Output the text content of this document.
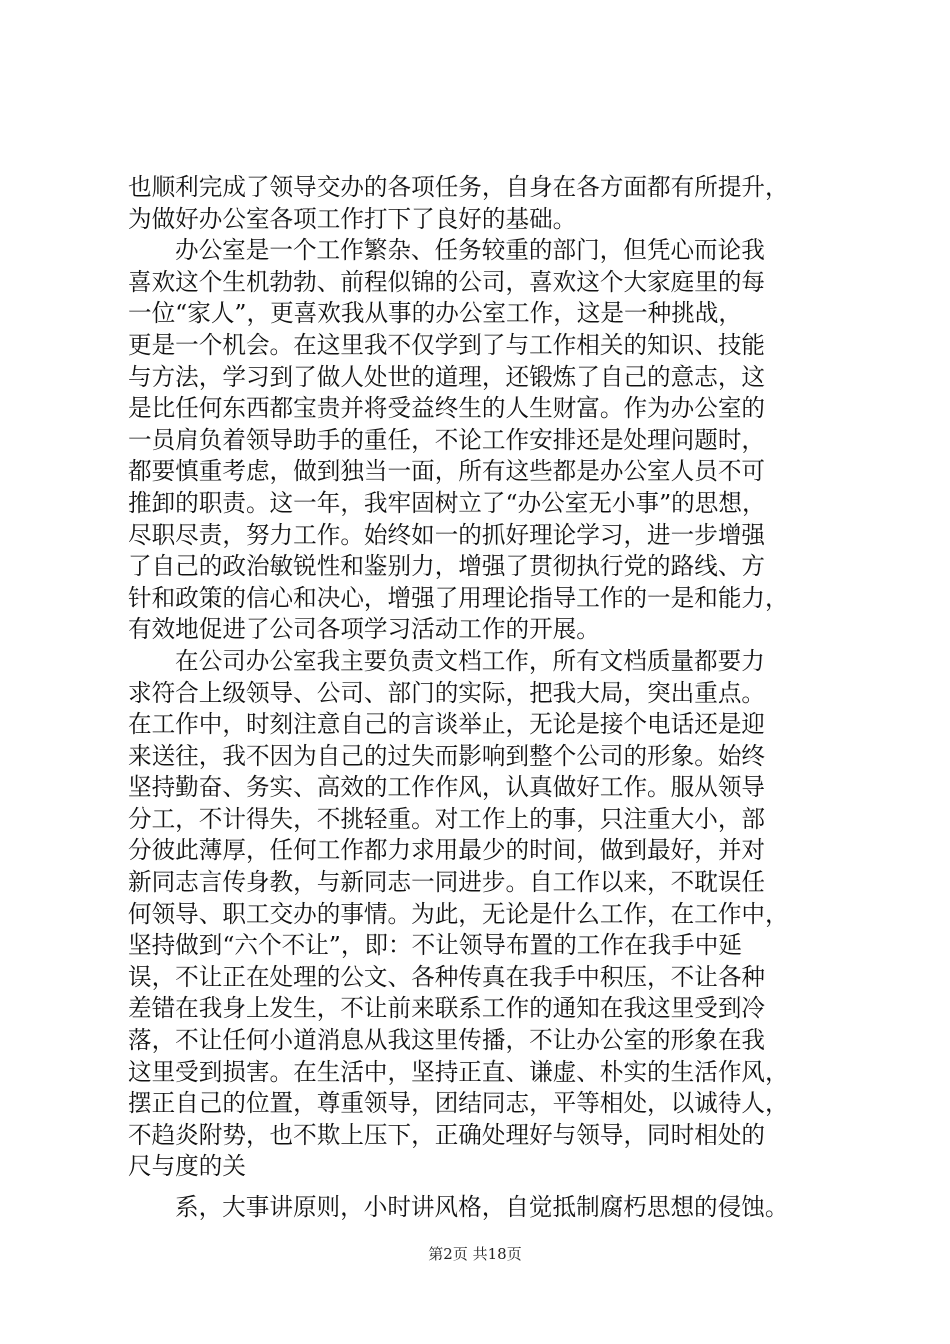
也顺利完成了领导交办的各项任务，自身在各方面都有所提升，
为做好办公室各项工作打下了良好的基础。
办公室是一个工作繁杂、任务较重的部门，但凭心而论我
喜欢这个生机勃勃、前程似锦的公司，喜欢这个大家庭里的每
一位“家人”，更喜欢我从事的办公室工作，这是一种挑战，
更是一个机会。在这里我不仅学到了与工作相关的知识、技能
与方法，学习到了做人处世的道理，还锻炼了自己的意志，这
是比任何东西都宝贵并将受益终生的人生财富。作为办公室的
一员肩负着领导助手的重任，不论工作安排还是处理问题时，
都要慎重考虑，做到独当一面，所有这些都是办公室人员不可
推卸的职责。这一年，我牢固树立了“办公室无小事”的思想，
尽职尽责，努力工作。始终如一的抓好理论学习，进一步增强
了自己的政治敏锐性和鉴别力，增强了贯彻执行党的路线、方
针和政策的信心和决心，增强了用理论指导工作的一是和能力，
有效地促进了公司各项学习活动工作的开展。
在公司办公室我主要负责文档工作，所有文档质量都要力
求符合上级领导、公司、部门的实际，把我大局，突出重点。
在工作中，时刻注意自己的言谈举止，无论是接个电话还是迎
来送往，我不因为自己的过失而影响到整个公司的形象。始终
坚持勤奋、务实、高效的工作作风，认真做好工作。服从领导
分工，不计得失，不挑轻重。对工作上的事，只注重大小，部
分彼此薄厚，任何工作都力求用最少的时间，做到最好，并对
新同志言传身教，与新同志一同进步。自工作以来，不耽误任
何领导、职工交办的事情。为此，无论是什么工作，在工作中，
坚持做到“六个不让”，即：不让领导布置的工作在我手中延
误，不让正在处理的公文、各种传真在我手中积压，不让各种
差错在我身上发生，不让前来联系工作的通知在我这里受到冷
落，不让任何小道消息从我这里传播，不让办公室的形象在我
这里受到损害。在生活中，坚持正直、谦虚、朴实的生活作风，
摆正自己的位置，尊重领导，团结同志，平等相处，以诚待人，
不趋炎附势，也不欺上压下，正确处理好与领导，同时相处的
尺与度的关
系，大事讲原则，小时讲风格，自觉抵制腐朽思想的侵蚀。
第2页 共18页
